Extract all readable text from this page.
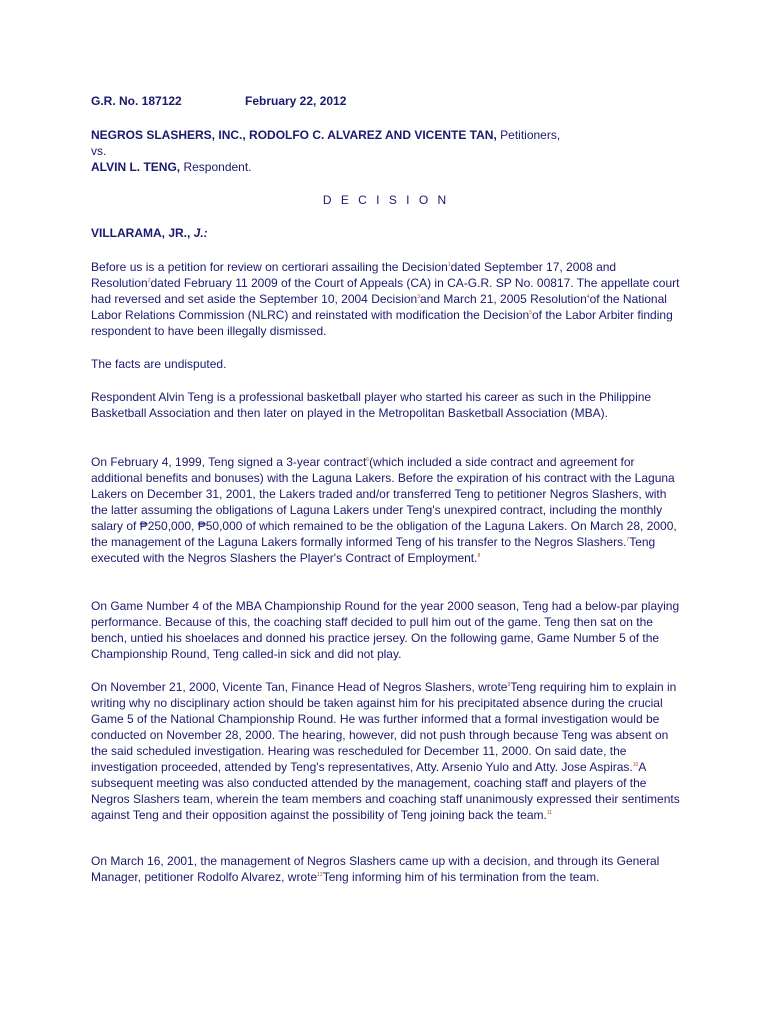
G.R. No. 187122	February 22, 2012
NEGROS SLASHERS, INC., RODOLFO C. ALVAREZ AND VICENTE TAN, Petitioners,
vs.
ALVIN L. TENG, Respondent.
D E C I S I O N
VILLARAMA, JR., J.:
Before us is a petition for review on certiorari assailing the Decision$^1$dated September 17, 2008 and Resolution$^2$dated February 11 2009 of the Court of Appeals (CA) in CA-G.R. SP No. 00817. The appellate court had reversed and set aside the September 10, 2004 Decision$^3$and March 21, 2005 Resolution$^4$of the National Labor Relations Commission (NLRC) and reinstated with modification the Decision$^5$of the Labor Arbiter finding respondent to have been illegally dismissed.
The facts are undisputed.
Respondent Alvin Teng is a professional basketball player who started his career as such in the Philippine Basketball Association and then later on played in the Metropolitan Basketball Association (MBA).
On February 4, 1999, Teng signed a 3-year contract$^6$(which included a side contract and agreement for additional benefits and bonuses) with the Laguna Lakers. Before the expiration of his contract with the Laguna Lakers on December 31, 2001, the Lakers traded and/or transferred Teng to petitioner Negros Slashers, with the latter assuming the obligations of Laguna Lakers under Teng's unexpired contract, including the monthly salary of ₱250,000, ₱50,000 of which remained to be the obligation of the Laguna Lakers. On March 28, 2000, the management of the Laguna Lakers formally informed Teng of his transfer to the Negros Slashers.$^7$Teng executed with the Negros Slashers the Player's Contract of Employment.$^8$
On Game Number 4 of the MBA Championship Round for the year 2000 season, Teng had a below-par playing performance. Because of this, the coaching staff decided to pull him out of the game. Teng then sat on the bench, untied his shoelaces and donned his practice jersey. On the following game, Game Number 5 of the Championship Round, Teng called-in sick and did not play.
On November 21, 2000, Vicente Tan, Finance Head of Negros Slashers, wrote$^9$Teng requiring him to explain in writing why no disciplinary action should be taken against him for his precipitated absence during the crucial Game 5 of the National Championship Round. He was further informed that a formal investigation would be conducted on November 28, 2000. The hearing, however, did not push through because Teng was absent on the said scheduled investigation. Hearing was rescheduled for December 11, 2000. On said date, the investigation proceeded, attended by Teng's representatives, Atty. Arsenio Yulo and Atty. Jose Aspiras.$^{10}$A subsequent meeting was also conducted attended by the management, coaching staff and players of the Negros Slashers team, wherein the team members and coaching staff unanimously expressed their sentiments against Teng and their opposition against the possibility of Teng joining back the team.$^{11}$
On March 16, 2001, the management of Negros Slashers came up with a decision, and through its General Manager, petitioner Rodolfo Alvarez, wrote$^{12}$Teng informing him of his termination from the team.
